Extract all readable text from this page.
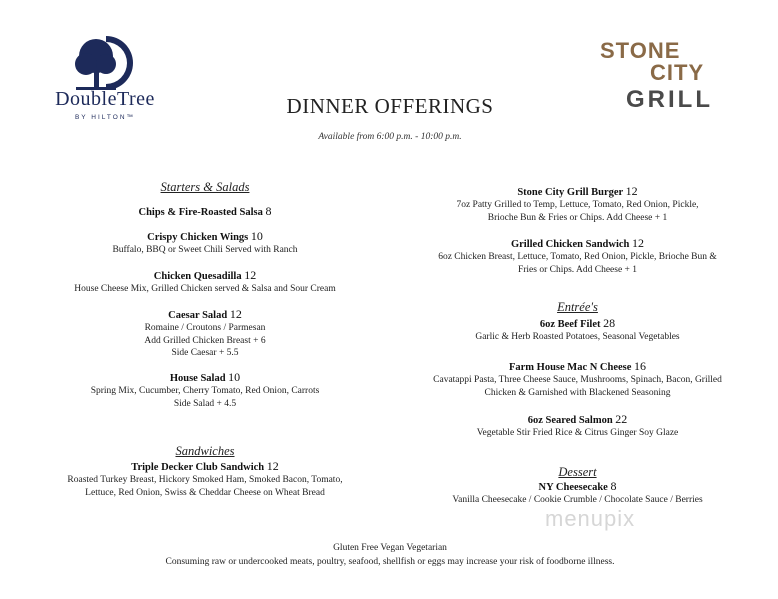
DoubleTree
BY HILTON™
STONE
CITY
GRILL
DINNER OFFERINGS
Available from 6:00 p.m. - 10:00 p.m.
Starters & Salads
Chips & Fire-Roasted Salsa 8
Crispy Chicken Wings 10
Buffalo, BBQ or Sweet Chili Served with Ranch
Chicken Quesadilla 12
House Cheese Mix, Grilled Chicken served & Salsa and Sour Cream
Caesar Salad 12
Romaine / Croutons / Parmesan
Add Grilled Chicken Breast + 6
Side Caesar + 5.5
House Salad 10
Spring Mix, Cucumber, Cherry Tomato, Red Onion, Carrots
Side Salad + 4.5
Sandwiches
Triple Decker Club Sandwich 12
Roasted Turkey Breast, Hickory Smoked Ham, Smoked Bacon, Tomato,
Lettuce, Red Onion, Swiss & Cheddar Cheese on Wheat Bread
Stone City Grill Burger 12
7oz Patty Grilled to Temp, Lettuce, Tomato, Red Onion, Pickle,
Brioche Bun & Fries or Chips. Add Cheese + 1
Grilled Chicken Sandwich 12
6oz Chicken Breast, Lettuce, Tomato, Red Onion, Pickle, Brioche Bun &
Fries or Chips. Add Cheese + 1
Entrée's
6oz Beef Filet 28
Garlic & Herb Roasted Potatoes, Seasonal Vegetables
Farm House Mac N Cheese 16
Cavatappi Pasta, Three Cheese Sauce, Mushrooms, Spinach, Bacon, Grilled
Chicken & Garnished with Blackened Seasoning
6oz Seared Salmon 22
Vegetable Stir Fried Rice & Citrus Ginger Soy Glaze
Dessert
NY Cheesecake 8
Vanilla Cheesecake / Cookie Crumble / Chocolate Sauce / Berries
menupix
Gluten Free Vegan Vegetarian
Consuming raw or undercooked meats, poultry, seafood, shellfish or eggs may increase your risk of foodborne illness.
